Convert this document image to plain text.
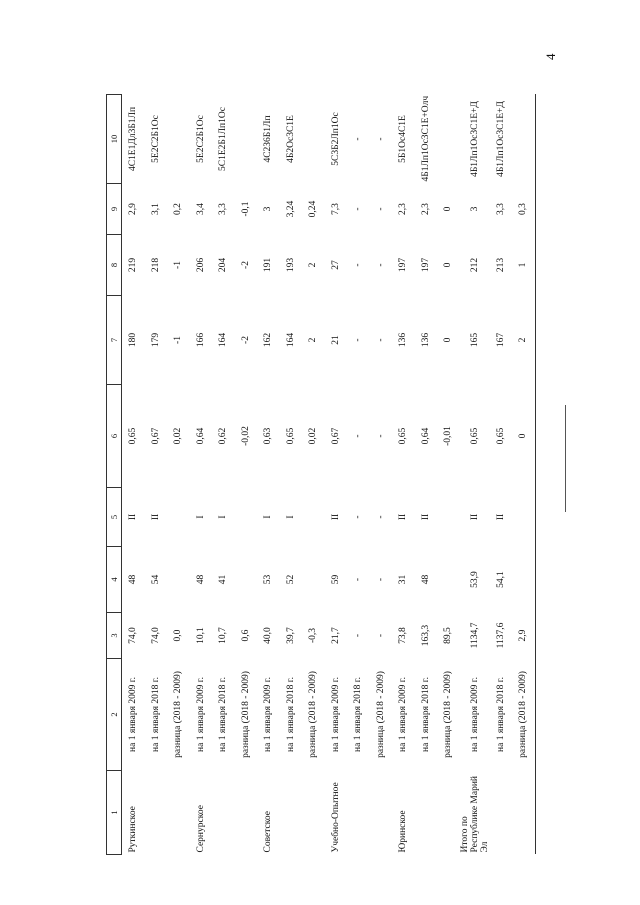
4
1	2	3	4	5	6	7	8	9	10
Руткинское	на 1 января 2009 г.	74,0	48	II	0,65	180	219	2,9	4С1Е1Дл3Б1Лп
	на 1 января 2018 г.	74,0	54	II	0,67	179	218	3,1	5Е2С2Б1Ос
	разница (2018 - 2009)	0,0			0,02	-1	-1	0,2	
Сернурское	на 1 января 2009 г.	10,1	48	I	0,64	166	206	3,4	5Е2С2Б1Ос
	на 1 января 2018 г.	10,7	41	I	0,62	164	204	3,3	5С1Е2Б1Лп1Ос
	разница (2018 - 2009)	0,6			-0,02	-2	-2	-0,1	
Советское	на 1 января 2009 г.	40,0	53	I	0,63	162	191	3	4С2З6Б1Лп
	на 1 января 2018 г.	39,7	52	I	0,65	164	193	3,24	4Б2Ос3С1Е
	разница (2018 - 2009)	-0,3			0,02	2	2	0,24	
Учебно-Опытное	на 1 января 2009 г.	21,7	59	II	0,67	21	27	7,3	5С3Б2Лп1Ос
	на 1 января 2018 г.	-	-	-	-	-	-	-	-
	разница (2018 - 2009)	-	-	-	-	-	-	-	-
Юринское	на 1 января 2009 г.	73,8	31	II	0,65	136	197	2,3	5Б1Ос4С1Е
	на 1 января 2018 г.	163,3	48	II	0,64	136	197	2,3	4Б1Лп1Ос3С1Е+Олч
	разница (2018 - 2009)	89,5			-0,01	0	0	0	
Итого по Республике Марий Эл	на 1 января 2009 г.	1134,7	53,9	II	0,65	165	212	3	4Б1Лп1Ос3С1Е+Д
	на 1 января 2018 г.	1137,6	54,1	II	0,65	167	213	3,3	4Б1Лп1Ос3С1Е+Д
	разница (2018 - 2009)	2,9			0	2	1	0,3	
